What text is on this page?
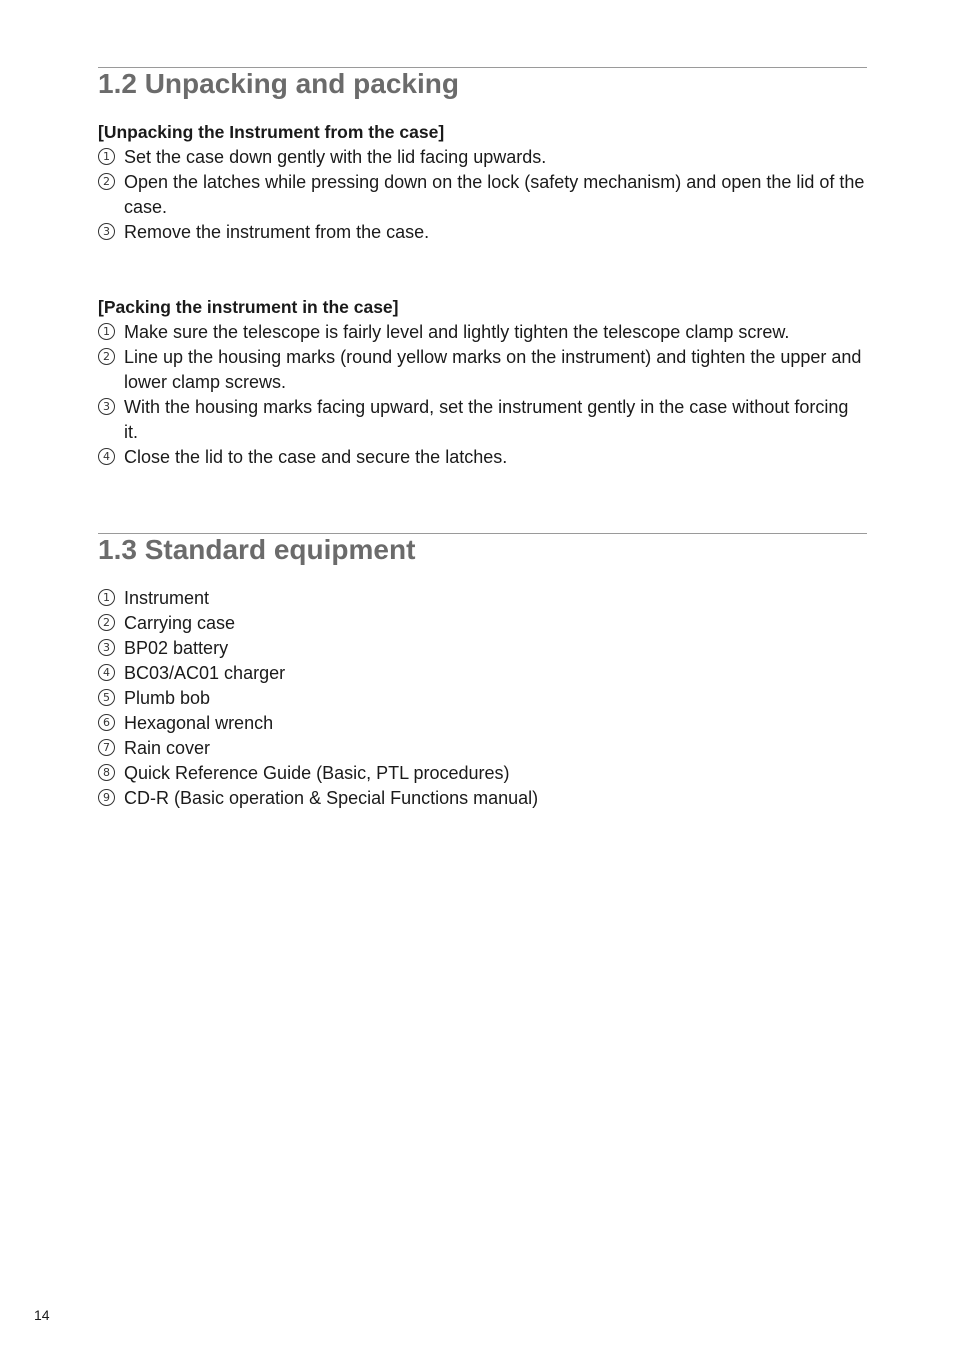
1.2 Unpacking and packing
[Unpacking the Instrument from the case]
1 Set the case down gently with the lid facing upwards.
2 Open the latches while pressing down on the lock (safety mechanism) and open the lid of the case.
3 Remove the instrument from the case.
[Packing the instrument in the case]
1 Make sure the telescope is fairly level and lightly tighten the telescope clamp screw.
2 Line up the housing marks (round yellow marks on the instrument) and tighten the upper and lower clamp screws.
3 With the housing marks facing upward, set the instrument gently in the case without forcing it.
4 Close the lid to the case and secure the latches.
1.3 Standard equipment
1 Instrument
2 Carrying case
3 BP02 battery
4 BC03/AC01 charger
5 Plumb bob
6 Hexagonal wrench
7 Rain cover
8 Quick Reference Guide (Basic, PTL procedures)
9 CD-R (Basic operation & Special Functions manual)
14
